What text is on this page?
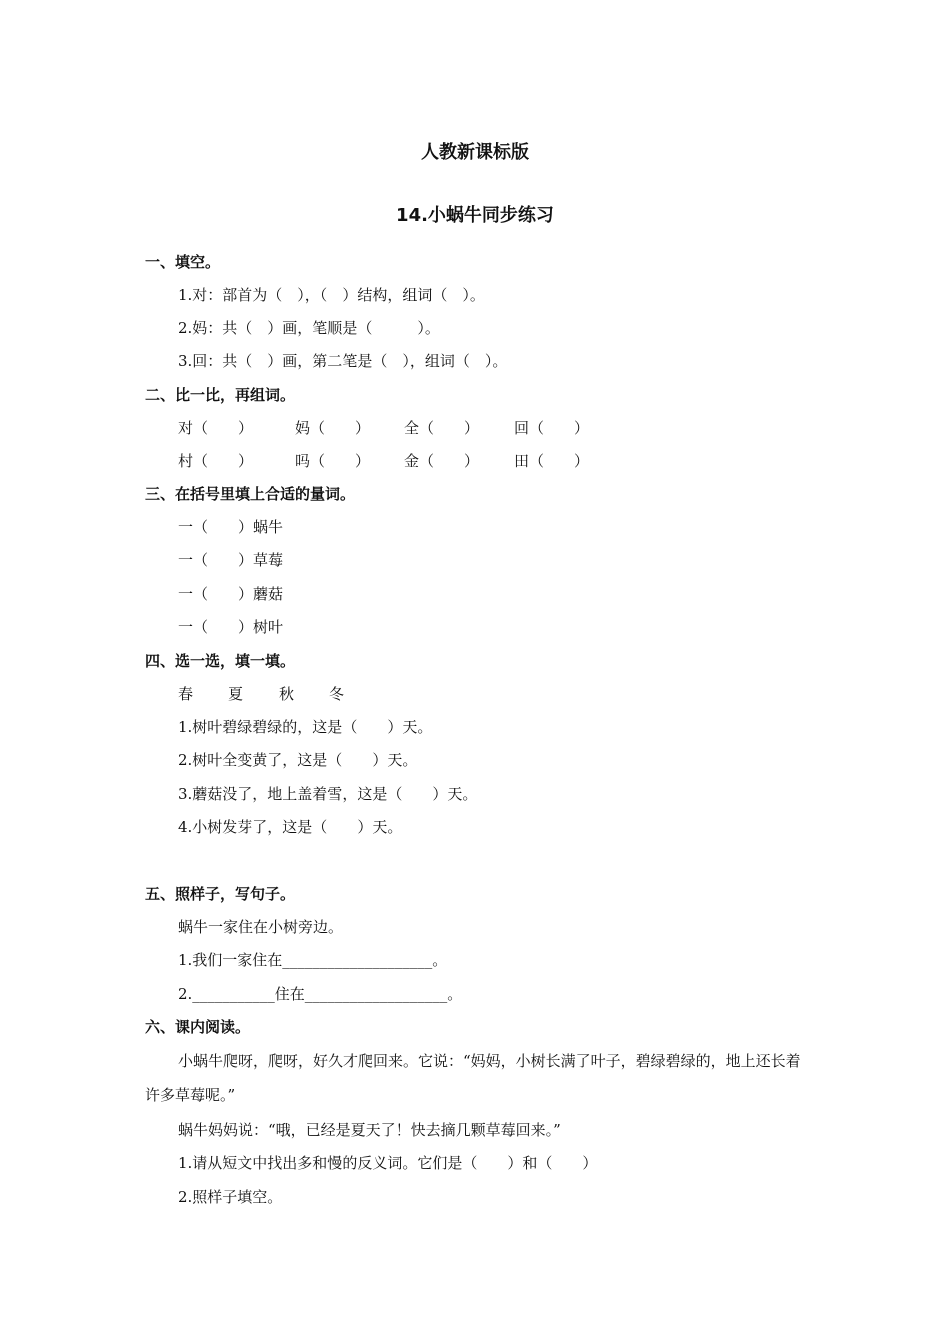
人教新课标版
14.小蜗牛同步练习
一、填空。
1.对：部首为（　），（　）结构，组词（　）。
2.妈：共（　）画，笔顺是（　　　）。
3.回：共（　）画，第二笔是（　），组词（　）。
二、比一比，再组词。
对（　　）	妈（　　） 全（　　） 回（　　）
村（　　）	吗（　　） 金（　　） 田（　　）
三、在括号里填上合适的量词。
一（　　）蜗牛
一（　　）草莓
一（　　）蘑菇
一（　　）树叶
四、选一选，填一填。
春 夏 秋 冬
1.树叶碧绿碧绿的，这是（　　）天。
2.树叶全变黄了，这是（　　）天。
3.蘑菇没了，地上盖着雪，这是（　　）天。
4.小树发芽了，这是（　　）天。
五、照样子，写句子。
蜗牛一家住在小树旁边。
1.我们一家住在____________________。
2.___________住在___________________。
六、课内阅读。
小蜗牛爬呀，爬呀，好久才爬回来。它说：“妈妈，小树长满了叶子，碧绿碧绿的，地上还长着许多草莓呢。”
蜗牛妈妈说：“哦，已经是夏天了！快去摘几颗草莓回来。”
1.请从短文中找出多和慢的反义词。它们是（　　）和（　　）
2.照样子填空。
